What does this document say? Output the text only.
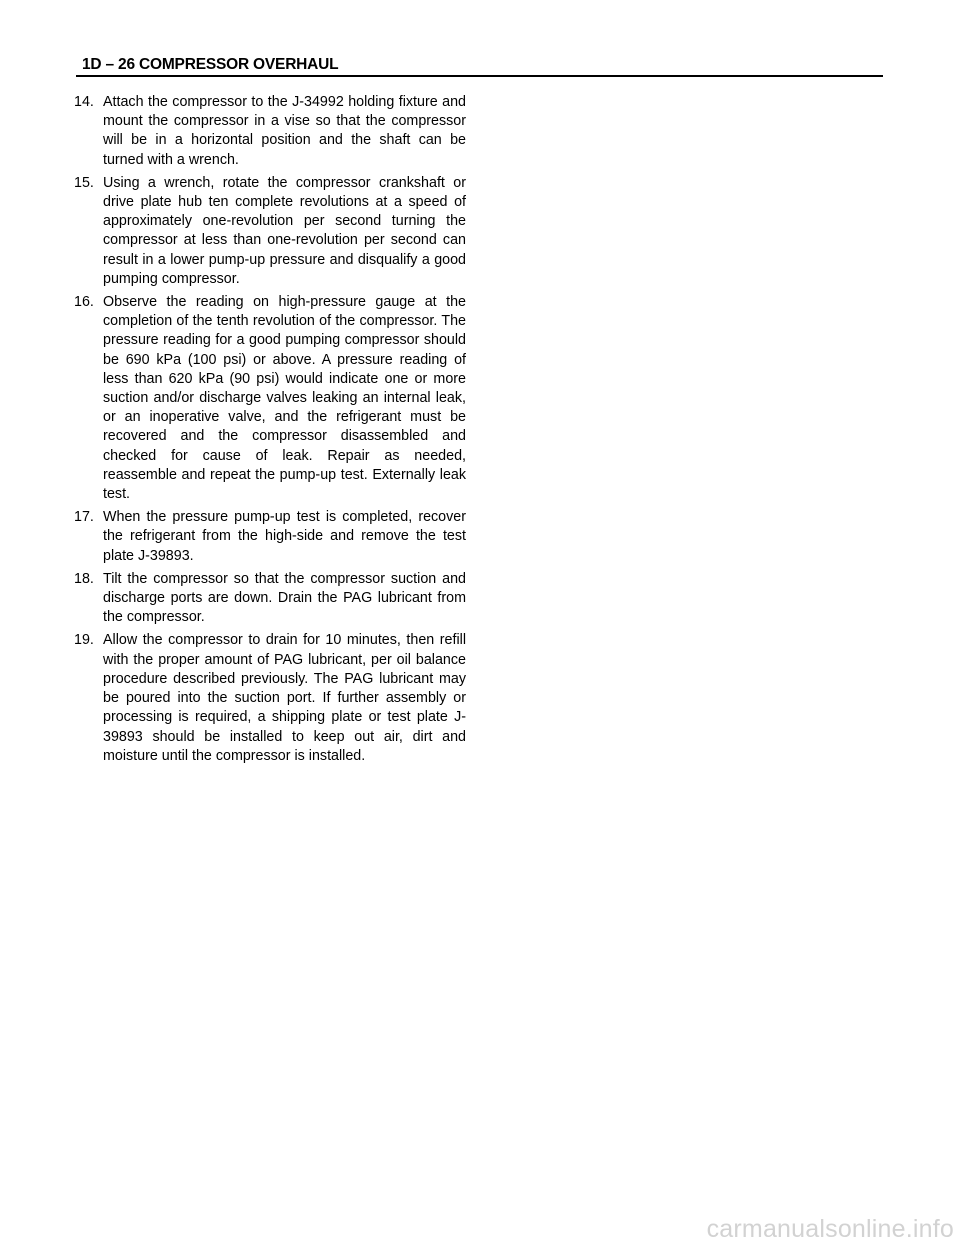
1D – 26 COMPRESSOR OVERHAUL
14. Attach the compressor to the J-34992 holding fixture and mount the compressor in a vise so that the compressor will be in a horizontal position and the shaft can be turned with a wrench.
15. Using a wrench, rotate the compressor crankshaft or drive plate hub ten complete revolutions at a speed of approximately one-revolution per second turning the compressor at less than one-revolution per second can result in a lower pump-up pressure and disqualify a good pumping compressor.
16. Observe the reading on high-pressure gauge at the completion of the tenth revolution of the compressor. The pressure reading for a good pumping compressor should be 690 kPa (100 psi) or above. A pressure reading of less than 620 kPa (90 psi) would indicate one or more suction and/or discharge valves leaking an internal leak, or an inoperative valve, and the refrigerant must be recovered and the compressor disassembled and checked for cause of leak. Repair as needed, reassemble and repeat the pump-up test. Externally leak test.
17. When the pressure pump-up test is completed, recover the refrigerant from the high-side and remove the test plate J-39893.
18. Tilt the compressor so that the compressor suction and discharge ports are down. Drain the PAG lubricant from the compressor.
19. Allow the compressor to drain for 10 minutes, then refill with the proper amount of PAG lubricant, per oil balance procedure described previously. The PAG lubricant may be poured into the suction port. If further assembly or processing is required, a shipping plate or test plate J-39893 should be installed to keep out air, dirt and moisture until the compressor is installed.
carmanualsonline.info
